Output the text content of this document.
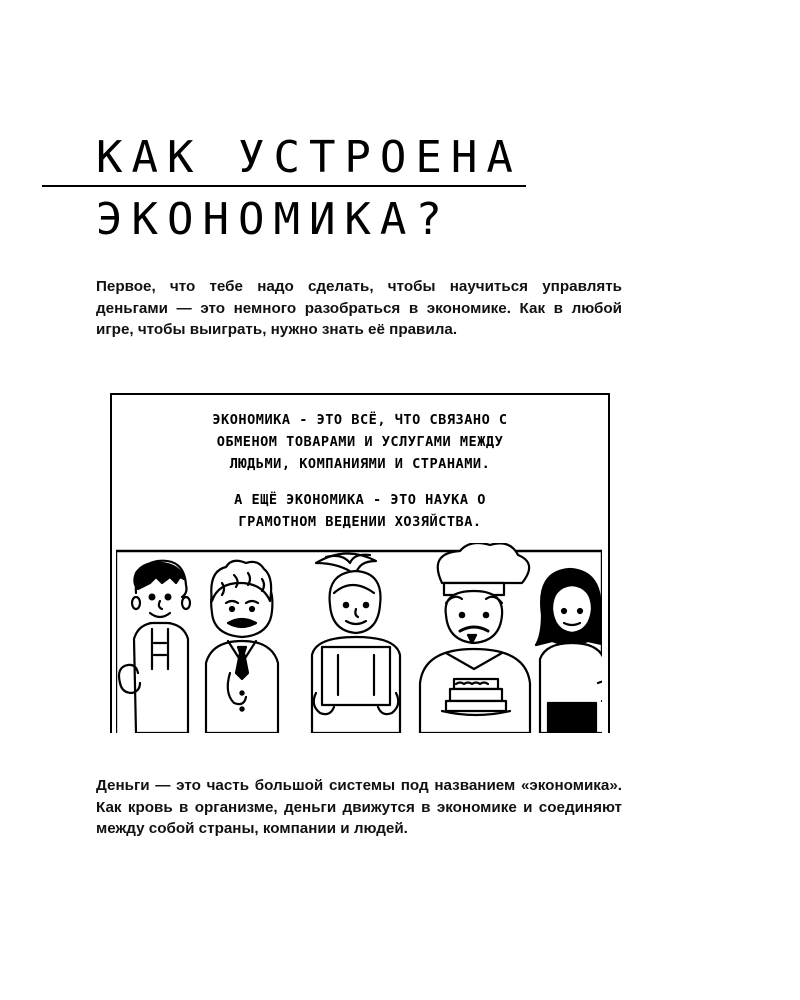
КАК УСТРОЕНА
ЭКОНОМИКА?

Первое, что тебе надо сделать, чтобы научиться управлять деньгами — это немного разобраться в экономике. Как в любой игре, чтобы выиграть, нужно знать её правила.

ЭКОНОМИКА - ЭТО ВСЁ, ЧТО СВЯЗАНО С
ОБМЕНОМ ТОВАРАМИ И УСЛУГАМИ МЕЖДУ
ЛЮДЬМИ, КОМПАНИЯМИ И СТРАНАМИ.
А ЕЩЁ ЭКОНОМИКА - ЭТО НАУКА О
ГРАМОТНОМ ВЕДЕНИИ ХОЗЯЙСТВА.

Деньги — это часть большой системы под названием «экономика». Как кровь в организме, деньги движутся в экономике и соединяют между собой страны, компании и людей.
